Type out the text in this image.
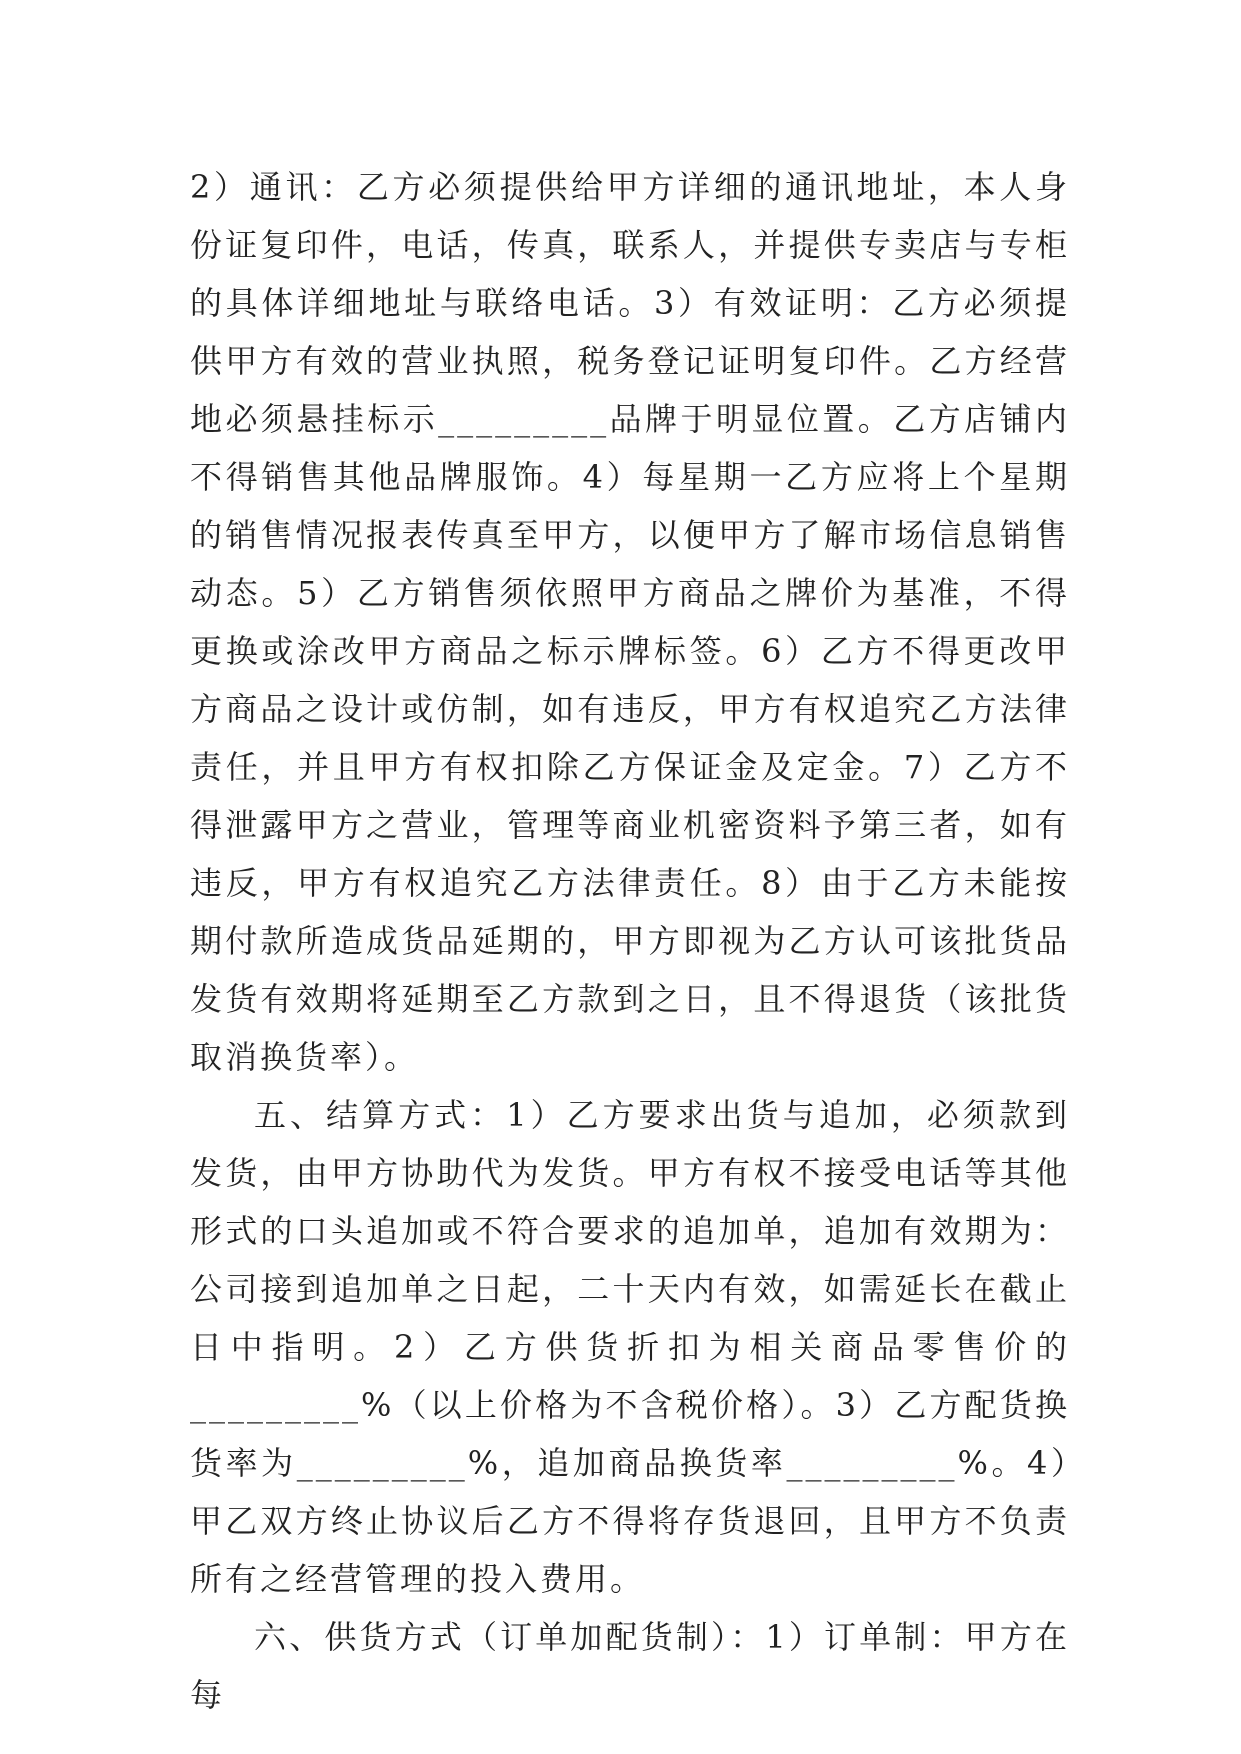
2）通讯：乙方必须提供给甲方详细的通讯地址，本人身份证复印件，电话，传真，联系人，并提供专卖店与专柜的具体详细地址与联络电话。3）有效证明：乙方必须提供甲方有效的营业执照，税务登记证明复印件。乙方经营地必须悬挂标示_________品牌于明显位置。乙方店铺内不得销售其他品牌服饰。4）每星期一乙方应将上个星期的销售情况报表传真至甲方，以便甲方了解市场信息销售动态。5）乙方销售须依照甲方商品之牌价为基准，不得更换或涂改甲方商品之标示牌标签。6）乙方不得更改甲方商品之设计或仿制，如有违反，甲方有权追究乙方法律责任，并且甲方有权扣除乙方保证金及定金。7）乙方不得泄露甲方之营业，管理等商业机密资料予第三者，如有违反，甲方有权追究乙方法律责任。8）由于乙方未能按期付款所造成货品延期的，甲方即视为乙方认可该批货品发货有效期将延期至乙方款到之日，且不得退货（该批货取消换货率）。

五、结算方式：1）乙方要求出货与追加，必须款到发货，由甲方协助代为发货。甲方有权不接受电话等其他形式的口头追加或不符合要求的追加单，追加有效期为：公司接到追加单之日起，二十天内有效，如需延长在截止日中指明。2）乙方供货折扣为相关商品零售价的_________%（以上价格为不含税价格）。3）乙方配货换货率为_________%，追加商品换货率_________%。4）甲乙双方终止协议后乙方不得将存货退回，且甲方不负责所有之经营管理的投入费用。

六、供货方式（订单加配货制）：1）订单制：甲方在每
